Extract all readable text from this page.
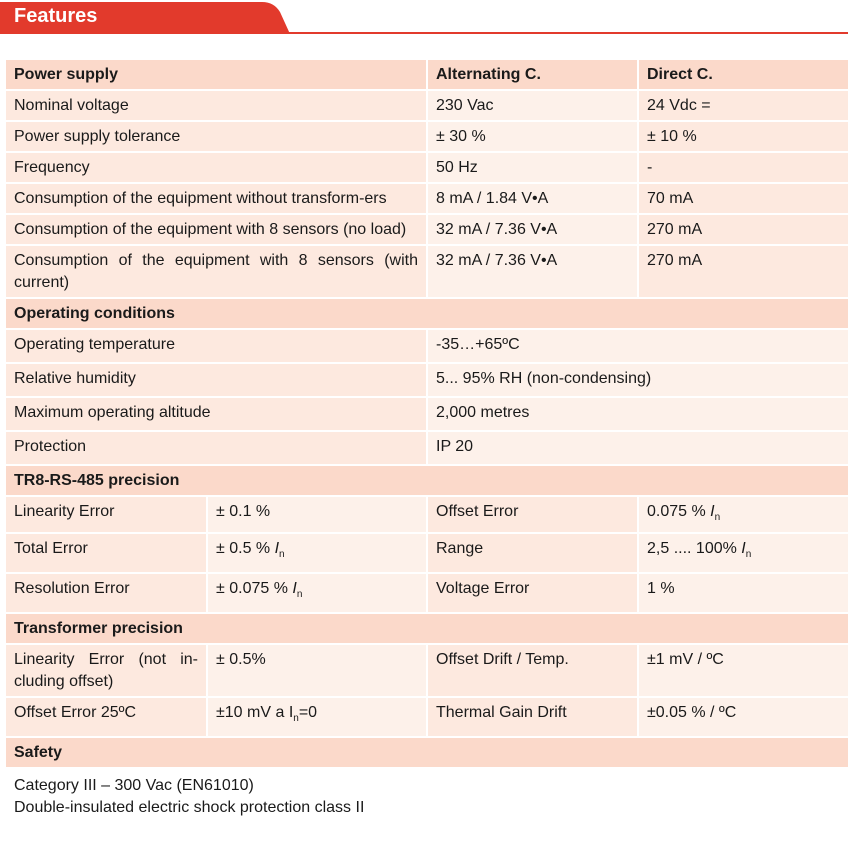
Features
Power supply		Alternating C.	Direct C.
Nominal voltage		230 Vac	24 Vdc =
Power supply tolerance		± 30 %	± 10 %
Frequency		50 Hz	-
Consumption of the equipment without transform-ers		8 mA / 1.84 V•A	70 mA
Consumption of the equipment with 8 sensors (no load)		32 mA / 7.36 V•A	270 mA
Consumption of the equipment with 8 sensors (with current)		32 mA / 7.36 V•A	270 mA
Operating conditions			
Operating temperature		-35…+65ºC	
Relative humidity		5... 95% RH (non-condensing)	
Maximum operating altitude		2,000 metres	
Protection		IP 20	
TR8-RS-485 precision			
Linearity Error	± 0.1 %	Offset Error	0.075 % $I_n$
Total Error	± 0.5 % $I_n$	Range	2,5 .... 100% $I_n$
Resolution Error	± 0.075 % $I_n$	Voltage Error	1 %
Transformer precision			
Linearity Error (not in-cluding offset)	± 0.5%	Offset Drift / Temp.	±1 mV / ºC
Offset Error 25ºC	±10 mV a $I_n=0$	Thermal Gain Drift	±0.05 % / ºC
Safety			

Category III – 300 Vac (EN61010)
Double-insulated electric shock protection class II			
